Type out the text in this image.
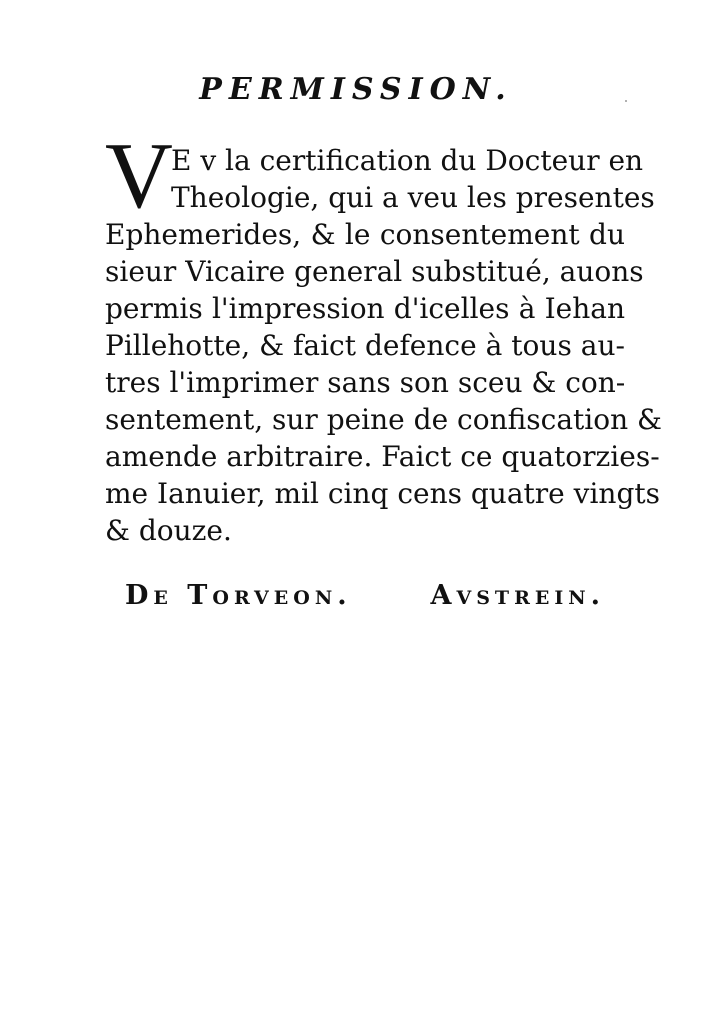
PERMISSION.
V
E v la certification du Docteur en
Theologie, qui a veu les presentes
Ephemerides, & le consentement du
sieur Vicaire general substitué, auons
permis l'impression d'icelles à Iehan
Pillehotte, & faict defence à tous au-
tres l'imprimer sans son sceu & con-
sentement, sur peine de confiscation &
amende arbitraire. Faict ce quatorzies-
me Ianuier, mil cinq cens quatre vingts
& douze.
De Torveon.	Avstrein.
